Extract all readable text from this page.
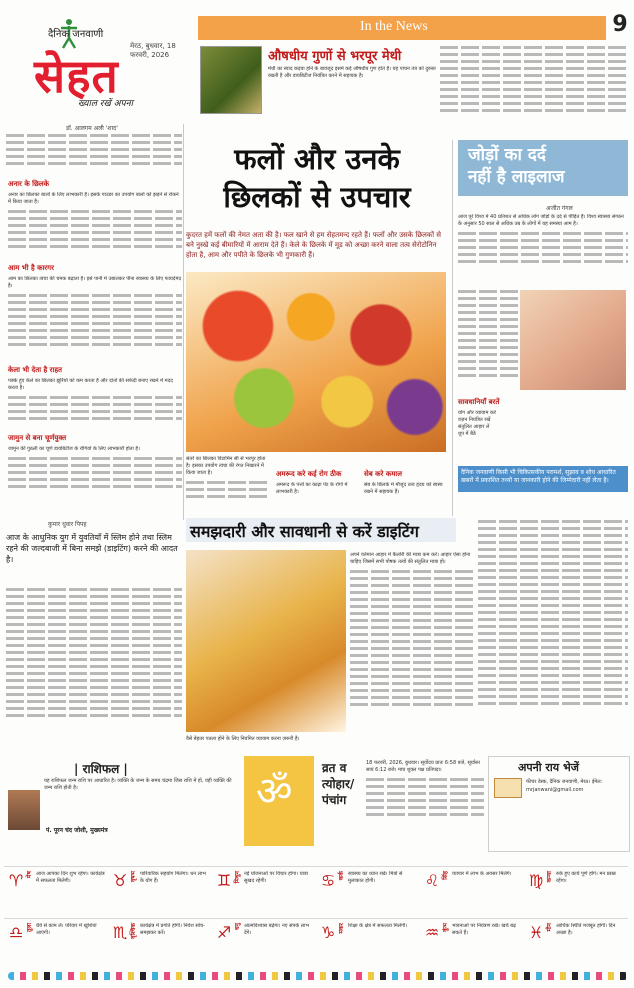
दैनिक जनवाणी
मेरठ, बुधवार, 18 फरवरी, 2026
सेहत
ख्याल रखें अपना
In the News	9
औषधीय गुणों से भरपूर मेथी
मेथी का स्वाद कड़वा होने के बावजूद इसमें कई औषधीय गुण होते हैं। यह पाचन तंत्र को दुरुस्त रखती है और डायबिटीज नियंत्रित करने में सहायक है।
डॉ. आलगम अली 'शाद'
अनार के छिलके
अनार का छिलका बालों के लिए लाभकारी है। इसके पाउडर का उपयोग बालों को झड़ने से रोकने में किया जाता है।
आम भी है कारगर
आम का छिलका त्वचा की चमक बढ़ाता है। इसे पानी में उबालकर पीना स्वास्थ्य के लिए फायदेमंद है।
केला भी देता है राहत
पक्के हुए केले का छिलका झुर्रियों को कम करता है और दांतों की सफेदी बनाए रखने में मदद करता है।
जामुन से बना चूर्णयुक्त
जामुन की गुठली का चूर्ण डायबिटीज के रोगियों के लिए लाभकारी होता है।
फलों और उनके
छिलकों से उपचार
कुदरत हमें फलों की नेमत अता की है। फल खाने से हम सेहतमन्द रहते हैं। फलों और उसके छिलकों से बने नुस्खे कई बीमारियों में आराम देते हैं। केले के छिलके में मूड को अच्छा करने वाला तत्व सेरोटोनिन होता है, आम और पपीते के छिलके भी गुणकारी हैं।
संतरे का छिलका विटामिन सी से भरपूर होता है। इसका उपयोग त्वचा की रंगत निखारने में किया जाता है।	अमरूद करे कई रोग ठीक
अमरूद के पत्तों का काढ़ा पेट के रोगों में लाभकारी है।
सेब करे कमाल
सेब के छिलके में मौजूद तत्व हृदय को स्वस्थ रखने में सहायक हैं।
जोड़ों का दर्द
नहीं है लाइलाज
अजीत गंगल
आज पूरे विश्व में 40 प्रतिशत से अधिक लोग जोड़ों के दर्द से पीड़ित हैं। विश्व स्वास्थ्य संगठन के अनुसार 50 साल से अधिक उम्र के लोगों में यह समस्या आम है।
सावधानियाँ बरतें
योग और व्यायाम करें
वज़न नियंत्रित रखें
संतुलित आहार लें
धूप में बैठें
दैनिक जनवाणी किसी भी चिकित्सकीय परामर्श, सुझाव व शोध आधारित खबरों में प्रकाशित तथ्यों या जानकारी होने की जिम्मेदारी नहीं लेता है।
कुमार धुवार पिपह
आज के आधुनिक युग में युवतियाँ में स्लिम होने तथा स्लिम रहने की जल्दबाजी में बिना समझे (डाइटिंग) करने की आदत है।
समझदारी और सावधानी से करें डाइटिंग
वैसे बेहतर पतला होने के लिए नियमित व्यायाम करना ज़रूरी है।
अपने वर्तमान आहार में कैलोरी की मात्रा कम करें। आहार ऐसा होना चाहिए जिसमें सभी पोषक तत्वों की संतुलित मात्रा हो।
| राशिफल |
यह राशिफल जन्म राशि पर आधारित है। व्यक्ति के जन्म के समय चंद्रमा जिस राशि में हो, वही व्यक्ति की जन्म राशि होती है।
पं. पूरन चंद जोशी, मुख्यमंत्र
ॐ
व्रत व
त्योहार/
पंचांग
18 फरवरी, 2026, बुधवार। सूर्योदय प्रातः 6:58 बजे, सूर्यास्त सायं 6:12 बजे। माघ शुक्ल पक्ष प्रतिपदा।	अपनी राय भेजें
फीचर डेस्क, दैनिक जनवाणी, मेरठ। ईमेल: mrjanwani@gmail.com
♈ मेष आज आपका दिन शुभ रहेगा। कार्यक्षेत्र में सफलता मिलेगी।	♉ वृषभ पारिवारिक सहयोग मिलेगा। धन लाभ के योग हैं।	♊ मिथुन नई योजनाओं पर विचार होगा। यात्रा सुखद रहेगी।	♋ कर्क स्वास्थ्य का ध्यान रखें। मित्रों से मुलाकात होगी।	♌ सिंह व्यापार में लाभ के अवसर मिलेंगे।	♍ कन्या रुके हुए कार्य पूर्ण होंगे। मन प्रसन्न रहेगा।
♎ तुला धैर्य से काम लें। परिवार में खुशियां आएंगी।	♏ वृश्चिक कार्यक्षेत्र में प्रगति होगी। निवेश सोच-समझकर करें।	♐ धनु आत्मविश्वास बढ़ेगा। नए संपर्क लाभ देंगे।	♑ मकर शिक्षा के क्षेत्र में सफलता मिलेगी।	♒ कुंभ भावनाओं पर नियंत्रण रखें। खर्च बढ़ सकते हैं।	♓ मीन आर्थिक स्थिति मजबूत होगी। दिन अच्छा है।
